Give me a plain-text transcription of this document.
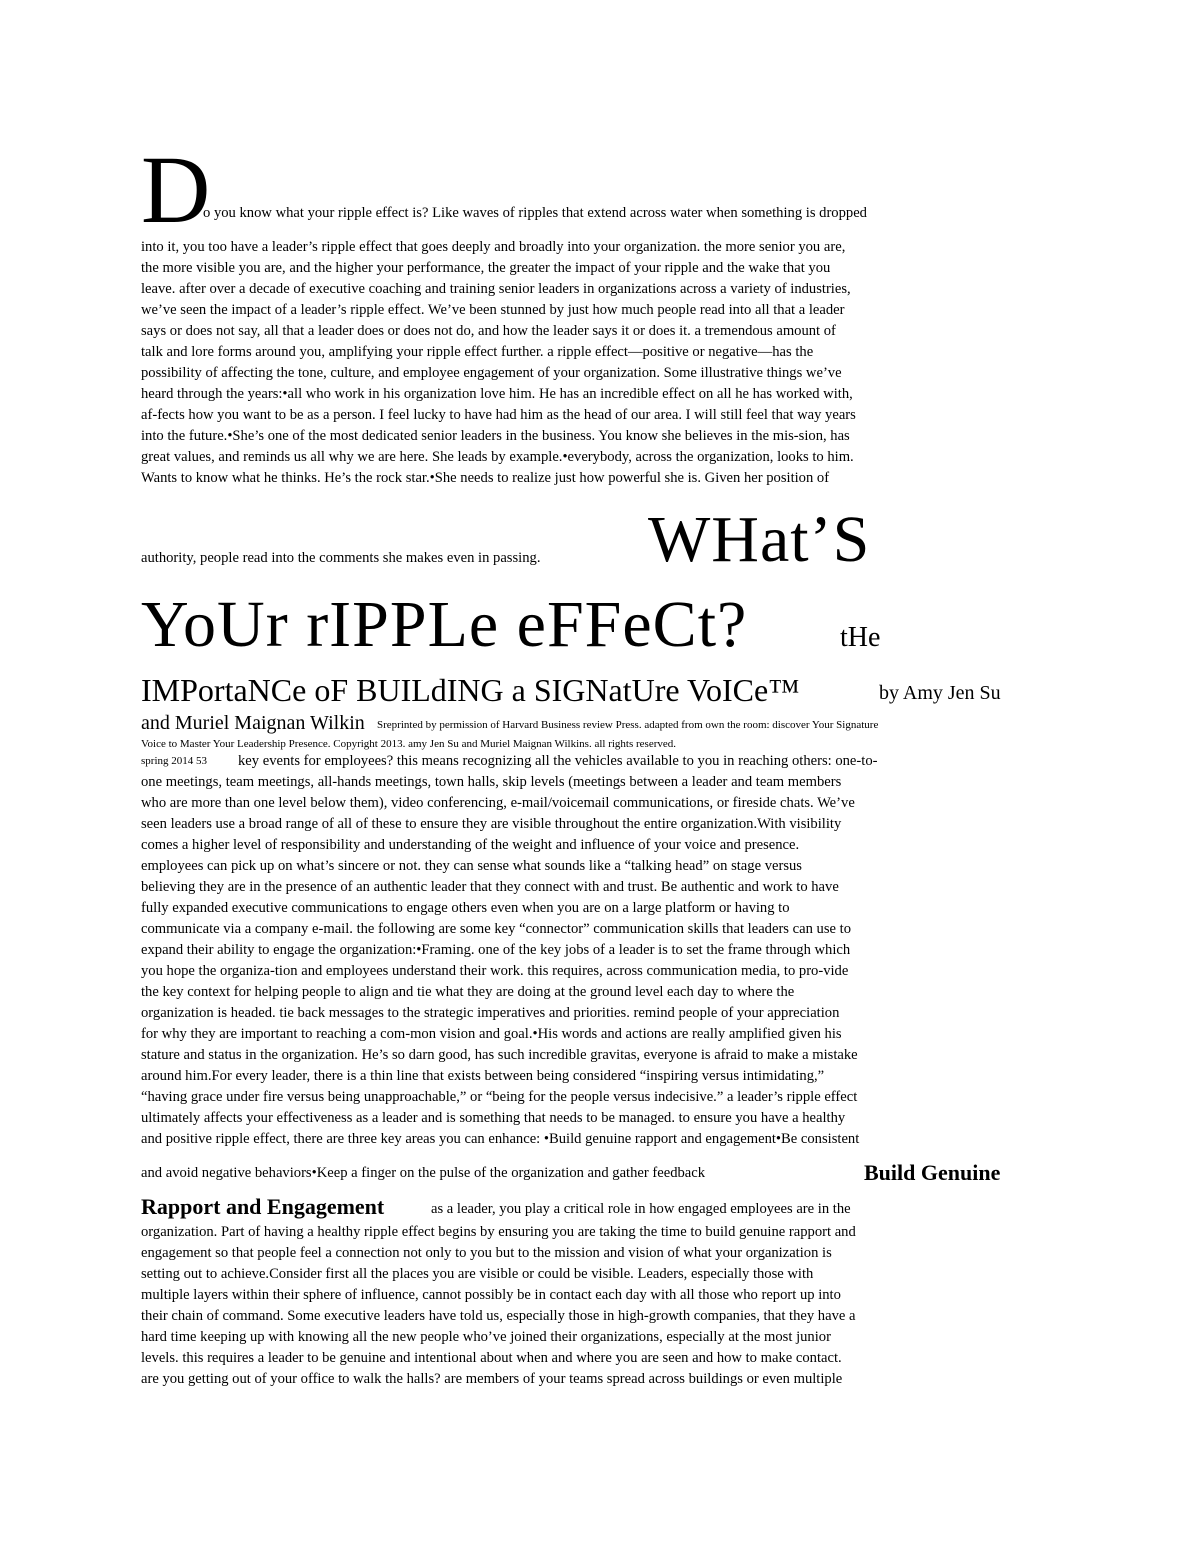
D
o you know what your ripple effect is? Like waves of ripples that extend across water when something is dropped
into it, you too have a leader’s ripple effect that goes deeply and broadly into your organization. the more senior you are,
the more visible you are, and the higher your performance, the greater the impact of your ripple and the wake that you
leave. after over a decade of executive coaching and training senior leaders in organizations across a variety of industries,
we’ve seen the impact of a leader’s ripple effect. We’ve been stunned by just how much people read into all that a leader
says or does not say, all that a leader does or does not do, and how the leader says it or does it. a tremendous amount of
talk and lore forms around you, amplifying your ripple effect further. a ripple effect—positive or negative—has the
possibility of affecting the tone, culture, and employee engagement of your organization. Some illustrative things we’ve
heard through the years:•all who work in his organization love him. He has an incredible effect on all he has worked with,
af-fects how you want to be as a person. I feel lucky to have had him as the head of our area. I will still feel that way years
into the future.•She’s one of the most dedicated senior leaders in the business. You know she believes in the mis-sion, has
great values, and reminds us all why we are here. She leads by example.•everybody, across the organization, looks to him.
Wants to know what he thinks. He’s the rock star.•She needs to realize just how powerful she is. Given her position of
authority, people read into the comments she makes even in passing.	WHat’S
YoUr rIPPLe eFFeCt?	tHe
IMPortaNCe oF BUILdING a SIGNatUre VoICe™	by Amy Jen Su
and Muriel Maignan Wilkin Sreprinted by permission of Harvard Business review Press. adapted from own the room: discover Your Signature
Voice to Master Your Leadership Presence. Copyright 2013. amy Jen Su and Muriel Maignan Wilkins. all rights reserved.
spring 2014 53	key events for employees? this means recognizing all the vehicles available to you in reaching others: one-to-
one meetings, team meetings, all-hands meetings, town halls, skip levels (meetings between a leader and team members
who are more than one level below them), video conferencing, e-mail/voicemail communications, or fireside chats. We’ve
seen leaders use a broad range of all of these to ensure they are visible throughout the entire organization.With visibility
comes a higher level of responsibility and understanding of the weight and influence of your voice and presence.
employees can pick up on what’s sincere or not. they can sense what sounds like a “talking head” on stage versus
believing they are in the presence of an authentic leader that they connect with and trust. Be authentic and work to have
fully expanded executive communications to engage others even when you are on a large platform or having to
communicate via a company e-mail. the following are some key “connector” communication skills that leaders can use to
expand their ability to engage the organization:•Framing. one of the key jobs of a leader is to set the frame through which
you hope the organiza-tion and employees understand their work. this requires, across communication media, to pro-vide
the key context for helping people to align and tie what they are doing at the ground level each day to where the
organization is headed. tie back messages to the strategic imperatives and priorities. remind people of your appreciation
for why they are important to reaching a com-mon vision and goal.•His words and actions are really amplified given his
stature and status in the organization. He’s so darn good, has such incredible gravitas, everyone is afraid to make a mistake
around him.For every leader, there is a thin line that exists between being considered “inspiring versus intimidating,”
“having grace under fire versus being unapproachable,” or “being for the people versus indecisive.” a leader’s ripple effect
ultimately affects your effectiveness as a leader and is something that needs to be managed. to ensure you have a healthy
and positive ripple effect, there are three key areas you can enhance: •Build genuine rapport and engagement•Be consistent
and avoid negative behaviors•Keep a finger on the pulse of the organization and gather feedback	Build Genuine
Rapport and Engagement	as a leader, you play a critical role in how engaged employees are in the
organization. Part of having a healthy ripple effect begins by ensuring you are taking the time to build genuine rapport and
engagement so that people feel a connection not only to you but to the mission and vision of what your organization is
setting out to achieve.Consider first all the places you are visible or could be visible. Leaders, especially those with
multiple layers within their sphere of influence, cannot possibly be in contact each day with all those who report up into
their chain of command. Some executive leaders have told us, especially those in high-growth companies, that they have a
hard time keeping up with knowing all the new people who’ve joined their organizations, especially at the most junior
levels. this requires a leader to be genuine and intentional about when and where you are seen and how to make contact.
are you getting out of your office to walk the halls? are members of your teams spread across buildings or even multiple
